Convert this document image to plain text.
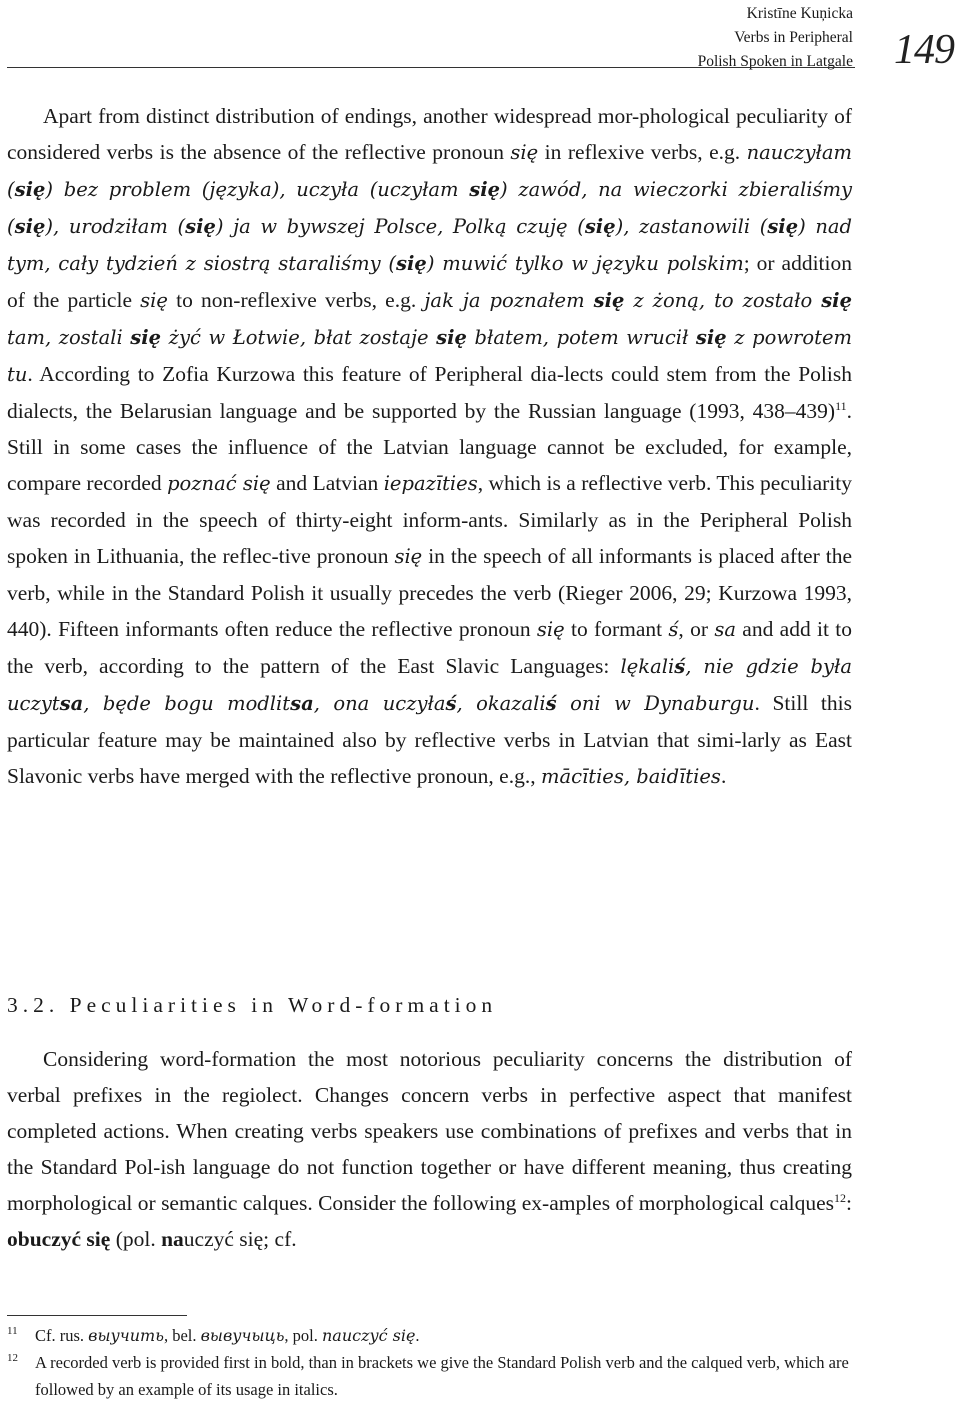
Kristīne Kuņicka
Verbs in Peripheral
Polish Spoken in Latgale 149

Apart from distinct distribution of endings, another widespread mor-phological peculiarity of considered verbs is the absence of the reflective pronoun się in reflexive verbs, e.g. nauczyłam (się) bez problem (języka), uczyła (uczyłam się) zawód, na wieczorki zbieraliśmy (się), urodziłam (się) ja w bywszej Polsce, Polką czuję (się), zastanowili (się) nad tym, cały tydzień z siostrą staraliśmy (się) muwić tylko w języku polskim; or addition of the particle się to non-reflexive verbs, e.g. jak ja poznałem się z żoną, to zostało się tam, zostali się żyć w Łotwie, błat zostaje się błatem, potem wrucił się z powrotem tu. According to Zofia Kurzowa this feature of Peripheral dia-lects could stem from the Polish dialects, the Belarusian language and be supported by the Russian language (1993, 438–439)$^{11}$. Still in some cases the influence of the Latvian language cannot be excluded, for example, compare recorded poznać się and Latvian iepazīties, which is a reflective verb. This peculiarity was recorded in the speech of thirty-eight inform-ants. Similarly as in the Peripheral Polish spoken in Lithuania, the reflec-tive pronoun się in the speech of all informants is placed after the verb, while in the Standard Polish it usually precedes the verb (Rieger 2006, 29; Kurzowa 1993, 440). Fifteen informants often reduce the reflective pronoun się to formant ś, or sa and add it to the verb, according to the pattern of the East Slavic Languages: lękaliś, nie gdzie była uczytsa, będe bogu modlitsa, ona uczyłaś, okazaliś oni w Dynaburgu. Still this particular feature may be maintained also by reflective verbs in Latvian that simi-larly as East Slavonic verbs have merged with the reflective pronoun, e.g., mācīties, baidīties.

3.2. Peculiarities in Word-formation

Considering word-formation the most notorious peculiarity concerns the distribution of verbal prefixes in the regiolect. Changes concern verbs in perfective aspect that manifest completed actions. When creating verbs speakers use combinations of prefixes and verbs that in the Standard Pol-ish language do not function together or have different meaning, thus creating morphological or semantic calques. Consider the following ex-amples of morphological calques$^{12}$: obuczyć się (pol. nauczyć się; cf.

11	Cf. rus. выучить, bel. вывучыць, pol. nauczyć się.
12	A recorded verb is provided first in bold, than in brackets we give the Standard Polish verb and the calqued verb, which are followed by an example of its usage in italics.
